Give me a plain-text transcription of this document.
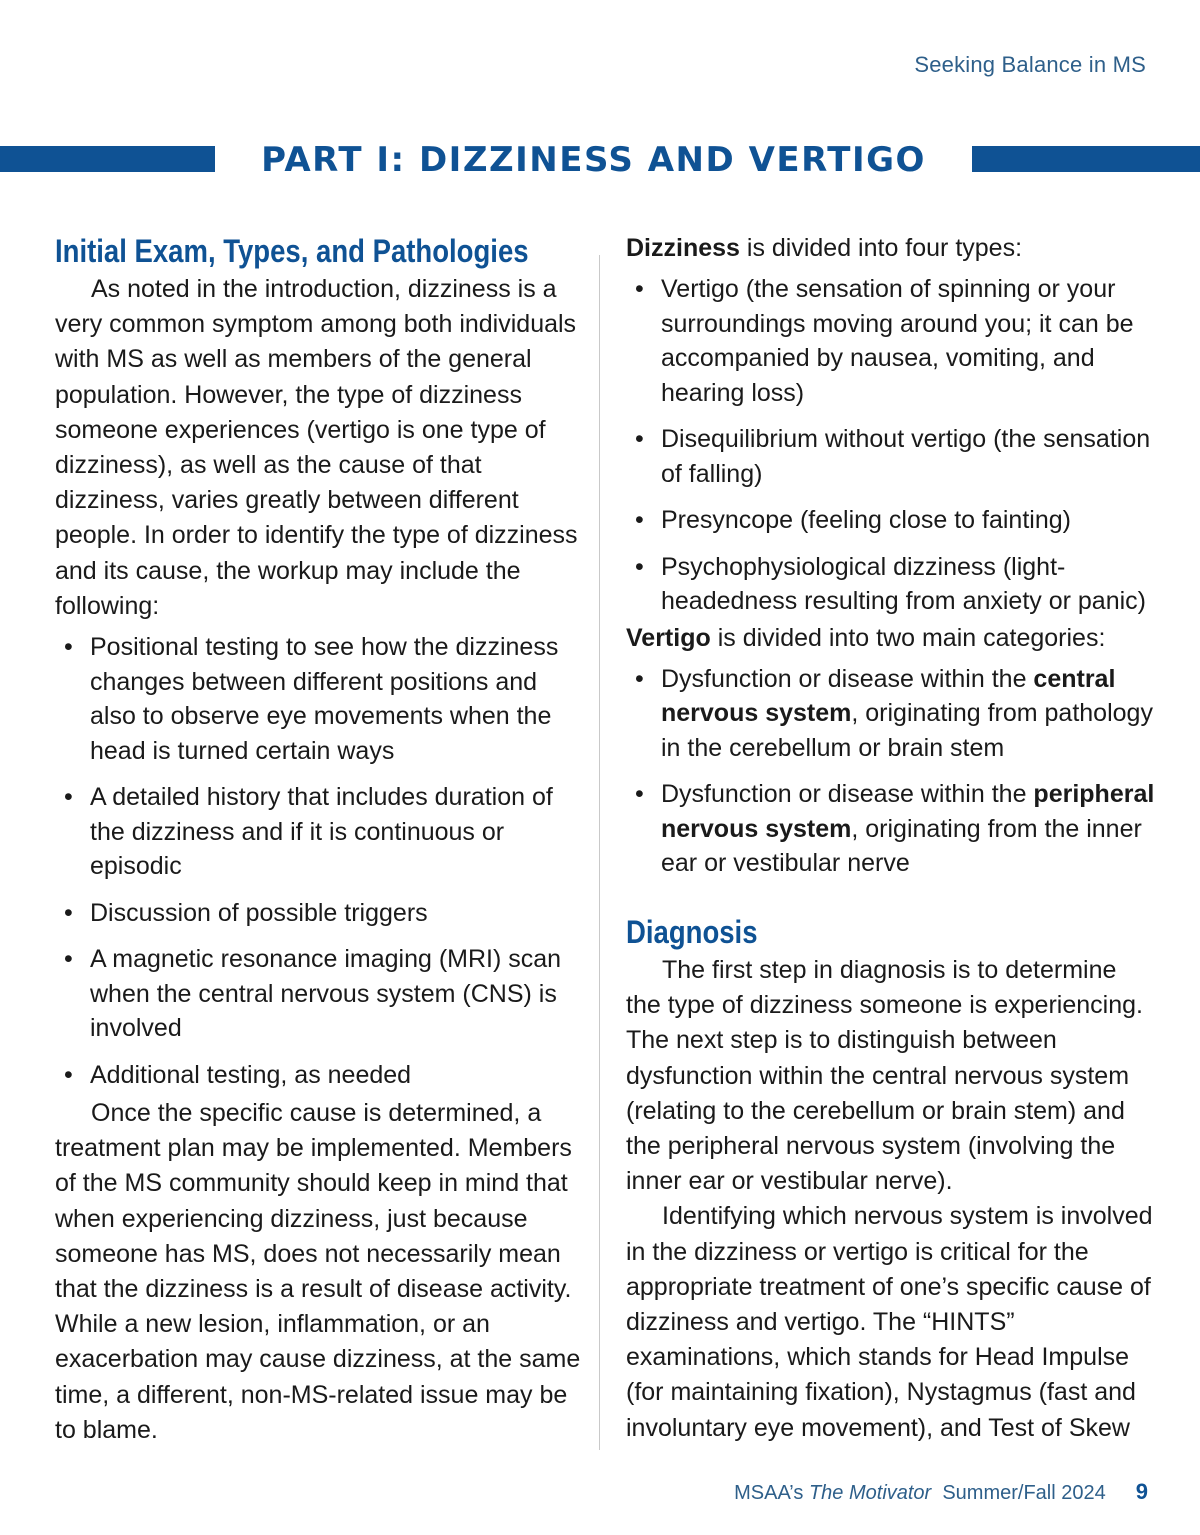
Seeking Balance in MS
PART I: DIZZINESS AND VERTIGO
Initial Exam, Types, and Pathologies

As noted in the introduction, dizziness is a very common symptom among both individuals with MS as well as members of the general population. However, the type of dizziness someone experiences (vertigo is one type of dizziness), as well as the cause of that dizziness, varies greatly between different people. In order to identify the type of dizziness and its cause, the workup may include the following:

• Positional testing to see how the dizziness changes between different positions and also to observe eye movements when the head is turned certain ways
• A detailed history that includes duration of the dizziness and if it is continuous or episodic
• Discussion of possible triggers
• A magnetic resonance imaging (MRI) scan when the central nervous system (CNS) is involved
• Additional testing, as needed

Once the specific cause is determined, a treatment plan may be implemented. Members of the MS community should keep in mind that when experiencing dizziness, just because someone has MS, does not necessarily mean that the dizziness is a result of disease activity. While a new lesion, inflammation, or an exacerbation may cause dizziness, at the same time, a different, non-MS-related issue may be to blame.

Dizziness is divided into four types:

• Vertigo (the sensation of spinning or your surroundings moving around you; it can be accompanied by nausea, vomiting, and hearing loss)
• Disequilibrium without vertigo (the sensation of falling)
• Presyncope (feeling close to fainting)
• Psychophysiological dizziness (light-headedness resulting from anxiety or panic)

Vertigo is divided into two main categories:

• Dysfunction or disease within the central nervous system, originating from pathology in the cerebellum or brain stem
• Dysfunction or disease within the peripheral nervous system, originating from the inner ear or vestibular nerve
Diagnosis

The first step in diagnosis is to determine the type of dizziness someone is experiencing. The next step is to distinguish between dysfunction within the central nervous system (relating to the cerebellum or brain stem) and the peripheral nervous system (involving the inner ear or vestibular nerve).

Identifying which nervous system is involved in the dizziness or vertigo is critical for the appropriate treatment of one’s specific cause of dizziness and vertigo. The “HINTS” examinations, which stands for Head Impulse (for maintaining fixation), Nystagmus (fast and involuntary eye movement), and Test of Skew

MSAA’s The Motivator Summer/Fall 2024 9
